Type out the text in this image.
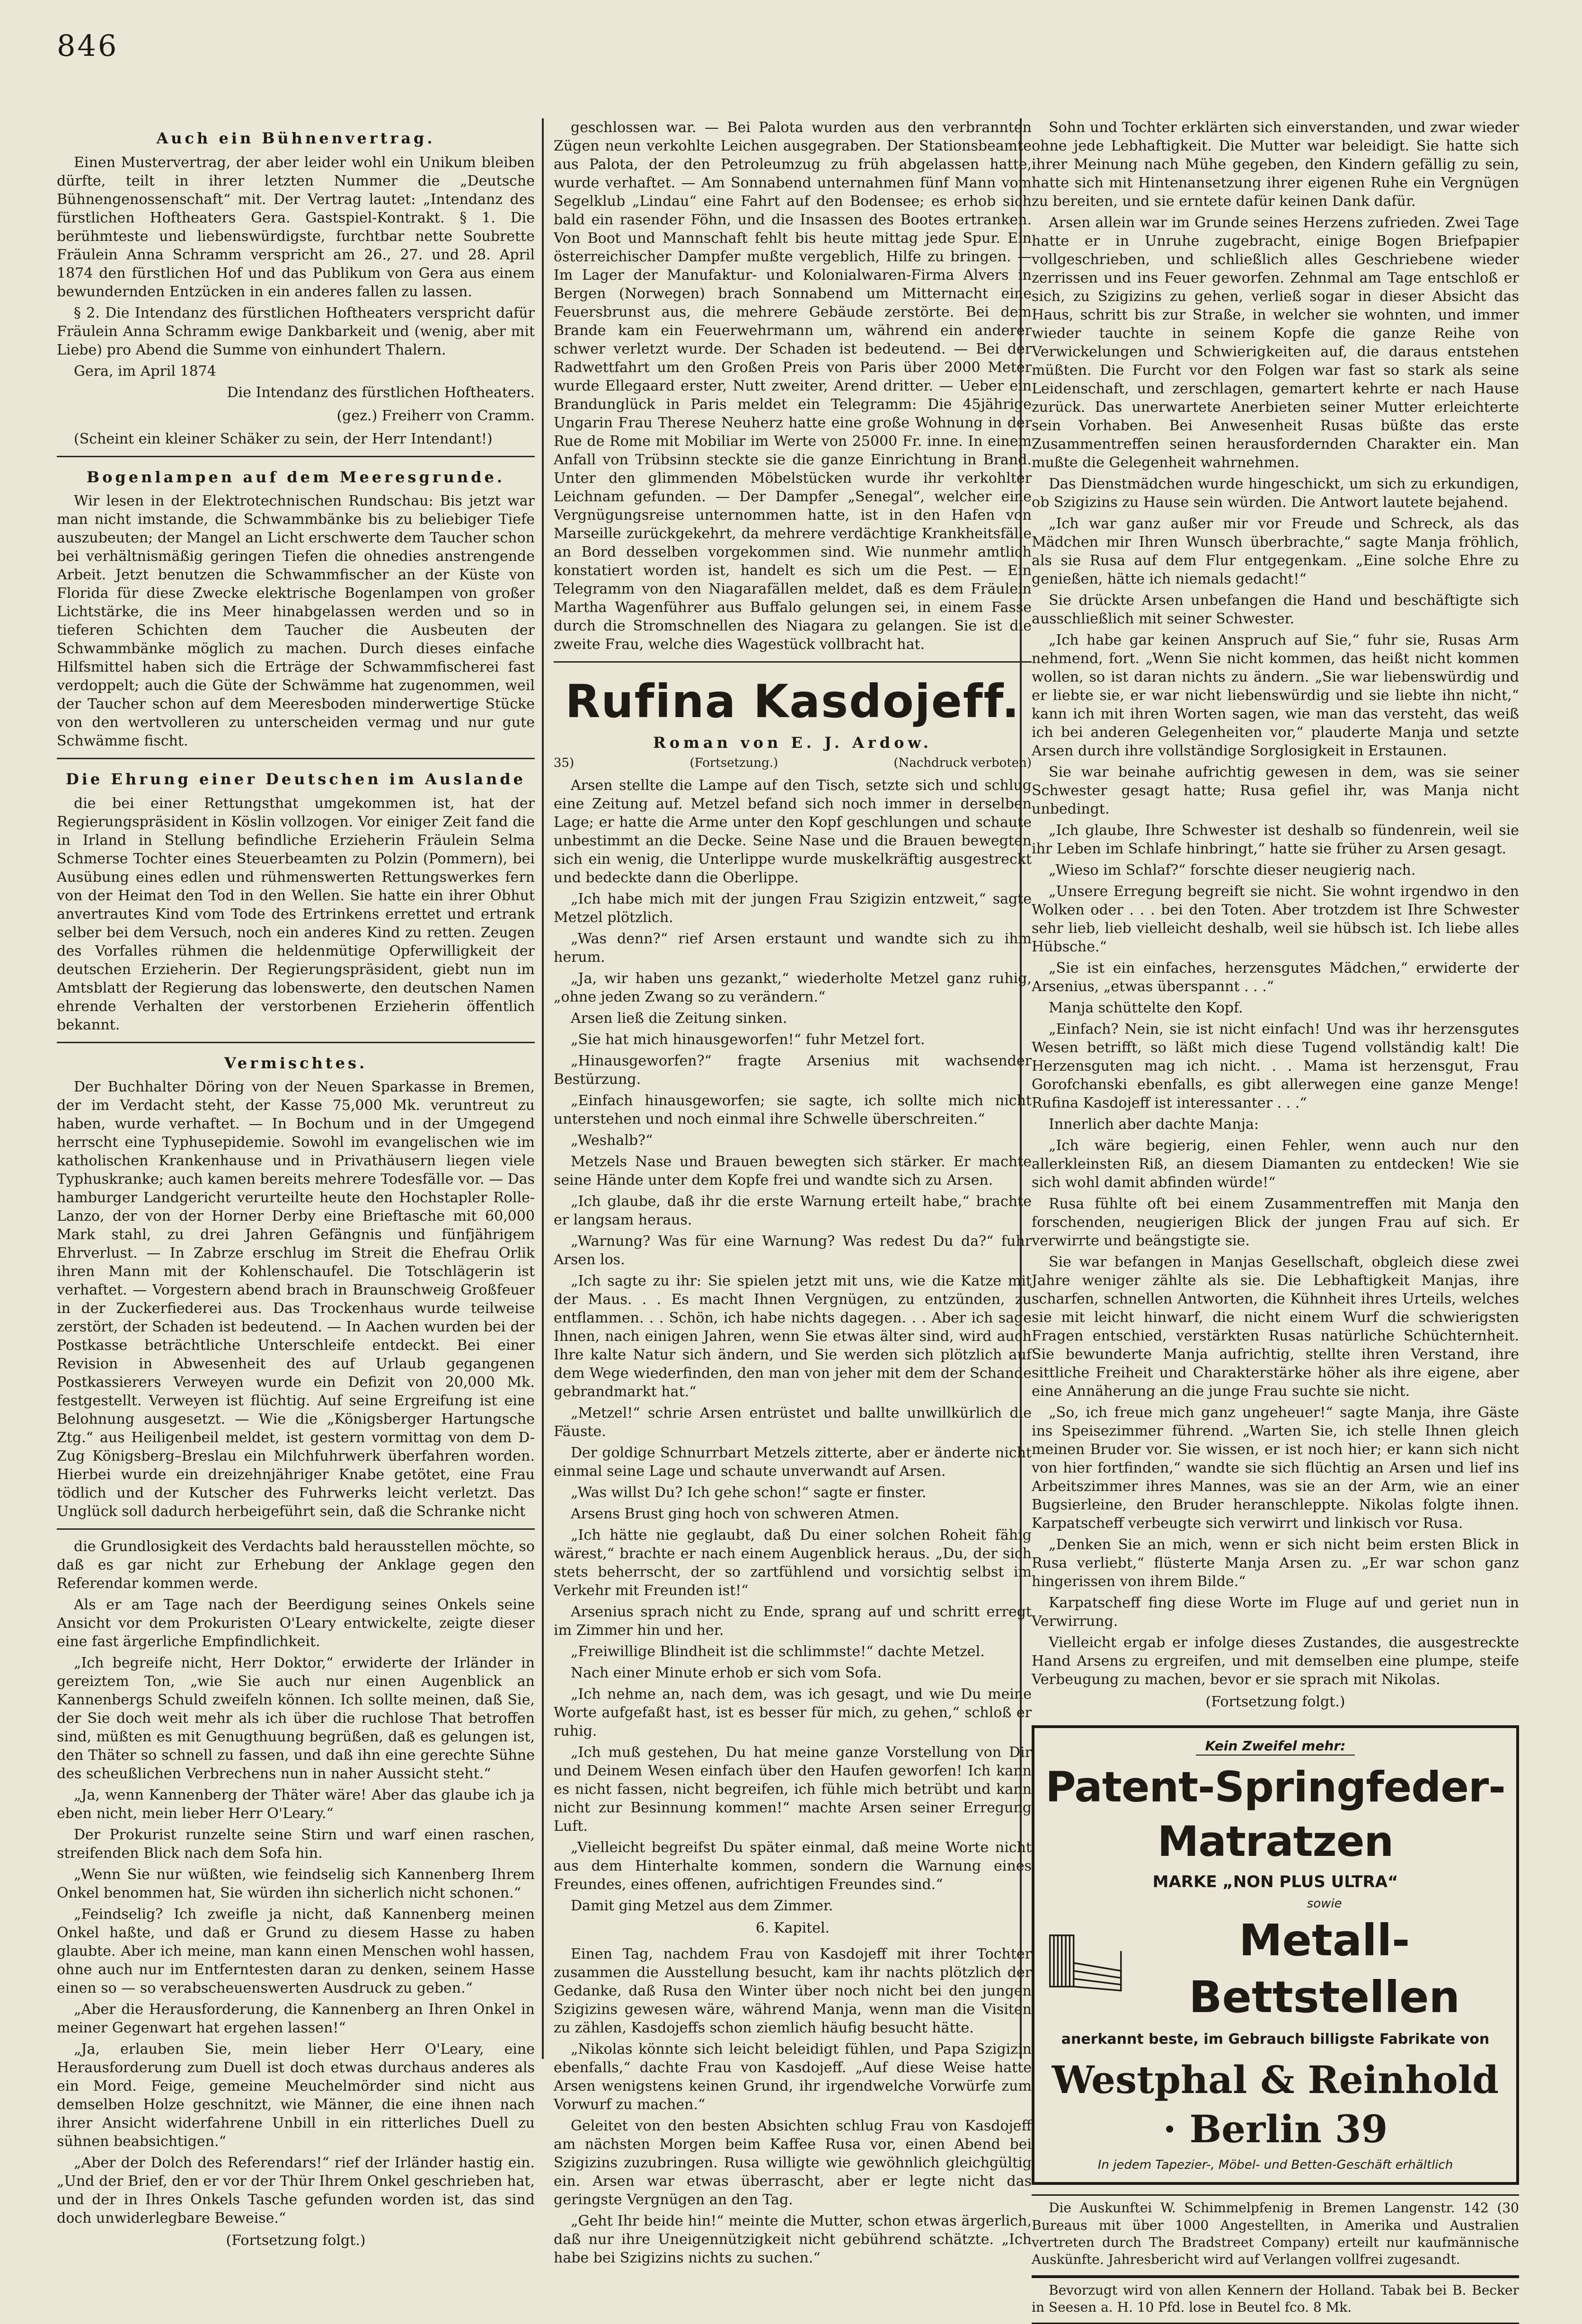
846
Auch ein Bühnenvertrag.

Einen Mustervertrag, der aber leider wohl ein Unikum bleiben dürfte, teilt in ihrer letzten Nummer die „Deutsche Bühnengenossenschaft“ mit. Der Vertrag lautet: „Intendanz des fürstlichen Hoftheaters Gera. Gastspiel-Kontrakt. § 1. Die berühmteste und liebenswürdigste, furchtbar nette Soubrette Fräulein Anna Schramm verspricht am 26., 27. und 28. April 1874 den fürstlichen Hof und das Publikum von Gera aus einem bewundernden Entzücken in ein anderes fallen zu lassen.

§ 2. Die Intendanz des fürstlichen Hoftheaters verspricht dafür Fräulein Anna Schramm ewige Dankbarkeit und (wenig, aber mit Liebe) pro Abend die Summe von einhundert Thalern.

Gera, im April 1874

Die Intendanz des fürstlichen Hoftheaters.
(gez.) Freiherr von Cramm.

(Scheint ein kleiner Schäker zu sein, der Herr Intendant!)

Bogenlampen auf dem Meeresgrunde.

Wir lesen in der Elektrotechnischen Rundschau: Bis jetzt war man nicht imstande, die Schwammbänke bis zu beliebiger Tiefe auszubeuten; der Mangel an Licht erschwerte dem Taucher schon bei verhältnismäßig geringen Tiefen die ohnedies anstrengende Arbeit. Jetzt benutzen die Schwammfischer an der Küste von Florida für diese Zwecke elektrische Bogenlampen von großer Lichtstärke, die ins Meer hinabgelassen werden und so in tieferen Schichten dem Taucher die Ausbeuten der Schwammbänke möglich zu machen. Durch dieses einfache Hilfsmittel haben sich die Erträge der Schwammfischerei fast verdoppelt; auch die Güte der Schwämme hat zugenommen, weil der Taucher schon auf dem Meeresboden minderwertige Stücke von den wertvolleren zu unterscheiden vermag und nur gute Schwämme fischt.

Die Ehrung einer Deutschen im Auslande

die bei einer Rettungsthat umgekommen ist, hat der Regierungspräsident in Köslin vollzogen. Vor einiger Zeit fand die in Irland in Stellung befindliche Erzieherin Fräulein Selma Schmerse Tochter eines Steuerbeamten zu Polzin (Pommern), bei Ausübung eines edlen und rühmenswerten Rettungswerkes fern von der Heimat den Tod in den Wellen. Sie hatte ein ihrer Obhut anvertrautes Kind vom Tode des Ertrinkens errettet und ertrank selber bei dem Versuch, noch ein anderes Kind zu retten. Zeugen des Vorfalles rühmen die heldenmütige Opferwilligkeit der deutschen Erzieherin. Der Regierungspräsident, giebt nun im Amtsblatt der Regierung das lobenswerte, den deutschen Namen ehrende Verhalten der verstorbenen Erzieherin öffentlich bekannt.

Vermischtes.

Der Buchhalter Döring von der Neuen Sparkasse in Bremen, der im Verdacht steht, der Kasse 75,000 Mk. veruntreut zu haben, wurde verhaftet. — In Bochum und in der Umgegend herrscht eine Typhusepidemie. Sowohl im evangelischen wie im katholischen Krankenhause und in Privathäusern liegen viele Typhuskranke; auch kamen bereits mehrere Todesfälle vor. — Das hamburger Landgericht verurteilte heute den Hochstapler Rolle-Lanzo, der von der Horner Derby eine Brieftasche mit 60,000 Mark stahl, zu drei Jahren Gefängnis und fünfjährigem Ehrverlust. — In Zabrze erschlug im Streit die Ehefrau Orlik ihren Mann mit der Kohlenschaufel. Die Totschlägerin ist verhaftet. — Vorgestern abend brach in Braunschweig Großfeuer in der Zuckerfiederei aus. Das Trockenhaus wurde teilweise zerstört, der Schaden ist bedeutend. — In Aachen wurden bei der Postkasse beträchtliche Unterschleife entdeckt. Bei einer Revision in Abwesenheit des auf Urlaub gegangenen Postkassierers Verweyen wurde ein Defizit von 20,000 Mk. festgestellt. Verweyen ist flüchtig. Auf seine Ergreifung ist eine Belohnung ausgesetzt. — Wie die „Königsberger Hartungsche Ztg.“ aus Heiligenbeil meldet, ist gestern vormittag von dem D-Zug Königsberg–Breslau ein Milchfuhrwerk überfahren worden. Hierbei wurde ein dreizehnjähriger Knabe getötet, eine Frau tödlich und der Kutscher des Fuhrwerks leicht verletzt. Das Unglück soll dadurch herbeigeführt sein, daß die Schranke nicht

die Grundlosigkeit des Verdachts bald herausstellen möchte, so daß es gar nicht zur Erhebung der Anklage gegen den Referendar kommen werde.

Als er am Tage nach der Beerdigung seines Onkels seine Ansicht vor dem Prokuristen O'Leary entwickelte, zeigte dieser eine fast ärgerliche Empfindlichkeit.

„Ich begreife nicht, Herr Doktor,“ erwiderte der Irländer in gereiztem Ton, „wie Sie auch nur einen Augenblick an Kannenbergs Schuld zweifeln können. Ich sollte meinen, daß Sie, der Sie doch weit mehr als ich über die ruchlose That betroffen sind, müßten es mit Genugthuung begrüßen, daß es gelungen ist, den Thäter so schnell zu fassen, und daß ihn eine gerechte Sühne des scheußlichen Verbrechens nun in naher Aussicht steht.“

„Ja, wenn Kannenberg der Thäter wäre! Aber das glaube ich ja eben nicht, mein lieber Herr O'Leary.“

Der Prokurist runzelte seine Stirn und warf einen raschen, streifenden Blick nach dem Sofa hin.

„Wenn Sie nur wüßten, wie feindselig sich Kannenberg Ihrem Onkel benommen hat, Sie würden ihn sicherlich nicht schonen.“

„Feindselig? Ich zweifle ja nicht, daß Kannenberg meinen Onkel haßte, und daß er Grund zu diesem Hasse zu haben glaubte. Aber ich meine, man kann einen Menschen wohl hassen, ohne auch nur im Entferntesten daran zu denken, seinem Hasse einen so — so verabscheuenswerten Ausdruck zu geben.“

„Aber die Herausforderung, die Kannenberg an Ihren Onkel in meiner Gegenwart hat ergehen lassen!“

„Ja, erlauben Sie, mein lieber Herr O'Leary, eine Herausforderung zum Duell ist doch etwas durchaus anderes als ein Mord. Feige, gemeine Meuchelmörder sind nicht aus demselben Holze geschnitzt, wie Männer, die eine ihnen nach ihrer Ansicht widerfahrene Unbill in ein ritterliches Duell zu sühnen beabsichtigen.“

„Aber der Dolch des Referendars!“ rief der Irländer hastig ein. „Und der Brief, den er vor der Thür Ihrem Onkel geschrieben hat, und der in Ihres Onkels Tasche gefunden worden ist, das sind doch unwiderlegbare Beweise.“

(Fortsetzung folgt.)

geschlossen war. — Bei Palota wurden aus den verbrannten Zügen neun verkohlte Leichen ausgegraben. Der Stationsbeamte aus Palota, der den Petroleumzug zu früh abgelassen hatte, wurde verhaftet. — Am Sonnabend unternahmen fünf Mann vom Segelklub „Lindau“ eine Fahrt auf den Bodensee; es erhob sich bald ein rasender Föhn, und die Insassen des Bootes ertranken. Von Boot und Mannschaft fehlt bis heute mittag jede Spur. Ein österreichischer Dampfer mußte vergeblich, Hilfe zu bringen. — Im Lager der Manufaktur- und Kolonialwaren-Firma Alvers in Bergen (Norwegen) brach Sonnabend um Mitternacht eine Feuersbrunst aus, die mehrere Gebäude zerstörte. Bei dem Brande kam ein Feuerwehrmann um, während ein anderer schwer verletzt wurde. Der Schaden ist bedeutend. — Bei der Radwettfahrt um den Großen Preis von Paris über 2000 Meter wurde Ellegaard erster, Nutt zweiter, Arend dritter. — Ueber ein Brandunglück in Paris meldet ein Telegramm: Die 45jährige Ungarin Frau Therese Neuherz hatte eine große Wohnung in der Rue de Rome mit Mobiliar im Werte von 25000 Fr. inne. In einem Anfall von Trübsinn steckte sie die ganze Einrichtung in Brand. Unter den glimmenden Möbelstücken wurde ihr verkohlter Leichnam gefunden. — Der Dampfer „Senegal“, welcher eine Vergnügungsreise unternommen hatte, ist in den Hafen von Marseille zurückgekehrt, da mehrere verdächtige Krankheitsfälle an Bord desselben vorgekommen sind. Wie nunmehr amtlich konstatiert worden ist, handelt es sich um die Pest. — Ein Telegramm von den Niagarafällen meldet, daß es dem Fräulein Martha Wagenführer aus Buffalo gelungen sei, in einem Fasse durch die Stromschnellen des Niagara zu gelangen. Sie ist die zweite Frau, welche dies Wagestück vollbracht hat.

Rufina Kasdojeff.
Roman von E. J. Ardow.
35)	(Fortsetzung.)	(Nachdruck verboten)

Arsen stellte die Lampe auf den Tisch, setzte sich und schlug eine Zeitung auf. Metzel befand sich noch immer in derselben Lage; er hatte die Arme unter den Kopf geschlungen und schaute unbestimmt an die Decke. Seine Nase und die Brauen bewegten sich ein wenig, die Unterlippe wurde muskelkräftig ausgestreckt und bedeckte dann die Oberlippe.

„Ich habe mich mit der jungen Frau Szigizin entzweit,“ sagte Metzel plötzlich.

„Was denn?“ rief Arsen erstaunt und wandte sich zu ihm herum.

„Ja, wir haben uns gezankt,“ wiederholte Metzel ganz ruhig, „ohne jeden Zwang so zu verändern.“

Arsen ließ die Zeitung sinken.

„Sie hat mich hinausgeworfen!“ fuhr Metzel fort.

„Hinausgeworfen?“ fragte Arsenius mit wachsender Bestürzung.

„Einfach hinausgeworfen; sie sagte, ich sollte mich nicht unterstehen und noch einmal ihre Schwelle überschreiten.“

„Weshalb?“

Metzels Nase und Brauen bewegten sich stärker. Er machte seine Hände unter dem Kopfe frei und wandte sich zu Arsen.

„Ich glaube, daß ihr die erste Warnung erteilt habe,“ brachte er langsam heraus.

„Warnung? Was für eine Warnung? Was redest Du da?“ fuhr Arsen los.

„Ich sagte zu ihr: Sie spielen jetzt mit uns, wie die Katze mit der Maus. . . Es macht Ihnen Vergnügen, zu entzünden, zu entflammen. . . Schön, ich habe nichts dagegen. . . Aber ich sage Ihnen, nach einigen Jahren, wenn Sie etwas älter sind, wird auch Ihre kalte Natur sich ändern, und Sie werden sich plötzlich auf dem Wege wiederfinden, den man von jeher mit dem der Schande gebrandmarkt hat.“

„Metzel!“ schrie Arsen entrüstet und ballte unwillkürlich die Fäuste.

Der goldige Schnurrbart Metzels zitterte, aber er änderte nicht einmal seine Lage und schaute unverwandt auf Arsen.

„Was willst Du? Ich gehe schon!“ sagte er finster.

Arsens Brust ging hoch von schweren Atmen.

„Ich hätte nie geglaubt, daß Du einer solchen Roheit fähig wärest,“ brachte er nach einem Augenblick heraus. „Du, der sich stets beherrscht, der so zartfühlend und vorsichtig selbst im Verkehr mit Freunden ist!“

Arsenius sprach nicht zu Ende, sprang auf und schritt erregt im Zimmer hin und her.

„Freiwillige Blindheit ist die schlimmste!“ dachte Metzel.

Nach einer Minute erhob er sich vom Sofa.

„Ich nehme an, nach dem, was ich gesagt, und wie Du meine Worte aufgefaßt hast, ist es besser für mich, zu gehen,“ schloß er ruhig.

„Ich muß gestehen, Du hat meine ganze Vorstellung von Dir und Deinem Wesen einfach über den Haufen geworfen! Ich kann es nicht fassen, nicht begreifen, ich fühle mich betrübt und kann nicht zur Besinnung kommen!“ machte Arsen seiner Erregung Luft.

„Vielleicht begreifst Du später einmal, daß meine Worte nicht aus dem Hinterhalte kommen, sondern die Warnung eines Freundes, eines offenen, aufrichtigen Freundes sind.“

Damit ging Metzel aus dem Zimmer.

6. Kapitel.

Einen Tag, nachdem Frau von Kasdojeff mit ihrer Tochter zusammen die Ausstellung besucht, kam ihr nachts plötzlich der Gedanke, daß Rusa den Winter über noch nicht bei den jungen Szigizins gewesen wäre, während Manja, wenn man die Visiten zu zählen, Kasdojeffs schon ziemlich häufig besucht hätte.

„Nikolas könnte sich leicht beleidigt fühlen, und Papa Szigizin ebenfalls,“ dachte Frau von Kasdojeff. „Auf diese Weise hatte Arsen wenigstens keinen Grund, ihr irgendwelche Vorwürfe zum Vorwurf zu machen.“

Geleitet von den besten Absichten schlug Frau von Kasdojeff am nächsten Morgen beim Kaffee Rusa vor, einen Abend bei Szigizins zuzubringen. Rusa willigte wie gewöhnlich gleichgültig ein. Arsen war etwas überrascht, aber er legte nicht das geringste Vergnügen an den Tag.

„Geht Ihr beide hin!“ meinte die Mutter, schon etwas ärgerlich, daß nur ihre Uneigennützigkeit nicht gebührend schätzte. „Ich habe bei Szigizins nichts zu suchen.“

Sohn und Tochter erklärten sich einverstanden, und zwar wieder ohne jede Lebhaftigkeit. Die Mutter war beleidigt. Sie hatte sich ihrer Meinung nach Mühe gegeben, den Kindern gefällig zu sein, hatte sich mit Hintenansetzung ihrer eigenen Ruhe ein Vergnügen zu bereiten, und sie erntete dafür keinen Dank dafür.

Arsen allein war im Grunde seines Herzens zufrieden. Zwei Tage hatte er in Unruhe zugebracht, einige Bogen Briefpapier vollgeschrieben, und schließlich alles Geschriebene wieder zerrissen und ins Feuer geworfen. Zehnmal am Tage entschloß er sich, zu Szigizins zu gehen, verließ sogar in dieser Absicht das Haus, schritt bis zur Straße, in welcher sie wohnten, und immer wieder tauchte in seinem Kopfe die ganze Reihe von Verwickelungen und Schwierigkeiten auf, die daraus entstehen müßten. Die Furcht vor den Folgen war fast so stark als seine Leidenschaft, und zerschlagen, gemartert kehrte er nach Hause zurück. Das unerwartete Anerbieten seiner Mutter erleichterte sein Vorhaben. Bei Anwesenheit Rusas büßte das erste Zusammentreffen seinen herausfordernden Charakter ein. Man mußte die Gelegenheit wahrnehmen.

Das Dienstmädchen wurde hingeschickt, um sich zu erkundigen, ob Szigizins zu Hause sein würden. Die Antwort lautete bejahend.

„Ich war ganz außer mir vor Freude und Schreck, als das Mädchen mir Ihren Wunsch überbrachte,“ sagte Manja fröhlich, als sie Rusa auf dem Flur entgegenkam. „Eine solche Ehre zu genießen, hätte ich niemals gedacht!“

Sie drückte Arsen unbefangen die Hand und beschäftigte sich ausschließlich mit seiner Schwester.

„Ich habe gar keinen Anspruch auf Sie,“ fuhr sie, Rusas Arm nehmend, fort. „Wenn Sie nicht kommen, das heißt nicht kommen wollen, so ist daran nichts zu ändern. „Sie war liebenswürdig und er liebte sie, er war nicht liebenswürdig und sie liebte ihn nicht,“ kann ich mit ihren Worten sagen, wie man das versteht, das weiß ich bei anderen Gelegenheiten vor,“ plauderte Manja und setzte Arsen durch ihre vollständige Sorglosigkeit in Erstaunen.

Sie war beinahe aufrichtig gewesen in dem, was sie seiner Schwester gesagt hatte; Rusa gefiel ihr, was Manja nicht unbedingt.

„Ich glaube, Ihre Schwester ist deshalb so fündenrein, weil sie ihr Leben im Schlafe hinbringt,“ hatte sie früher zu Arsen gesagt.

„Wieso im Schlaf?“ forschte dieser neugierig nach.

„Unsere Erregung begreift sie nicht. Sie wohnt irgendwo in den Wolken oder . . . bei den Toten. Aber trotzdem ist Ihre Schwester sehr lieb, lieb vielleicht deshalb, weil sie hübsch ist. Ich liebe alles Hübsche.“

„Sie ist ein einfaches, herzensgutes Mädchen,“ erwiderte der Arsenius, „etwas überspannt . . .“

Manja schüttelte den Kopf.

„Einfach? Nein, sie ist nicht einfach! Und was ihr herzensgutes Wesen betrifft, so läßt mich diese Tugend vollständig kalt! Die Herzensguten mag ich nicht. . . Mama ist herzensgut, Frau Gorofchanski ebenfalls, es gibt allerwegen eine ganze Menge! Rufina Kasdojeff ist interessanter . . .“

Innerlich aber dachte Manja:

„Ich wäre begierig, einen Fehler, wenn auch nur den allerkleinsten Riß, an diesem Diamanten zu entdecken! Wie sie sich wohl damit abfinden würde!“

Rusa fühlte oft bei einem Zusammentreffen mit Manja den forschenden, neugierigen Blick der jungen Frau auf sich. Er verwirrte und beängstigte sie.

Sie war befangen in Manjas Gesellschaft, obgleich diese zwei Jahre weniger zählte als sie. Die Lebhaftigkeit Manjas, ihre scharfen, schnellen Antworten, die Kühnheit ihres Urteils, welches sie mit leicht hinwarf, die nicht einem Wurf die schwierigsten Fragen entschied, verstärkten Rusas natürliche Schüchternheit. Sie bewunderte Manja aufrichtig, stellte ihren Verstand, ihre sittliche Freiheit und Charakterstärke höher als ihre eigene, aber eine Annäherung an die junge Frau suchte sie nicht.

„So, ich freue mich ganz ungeheuer!“ sagte Manja, ihre Gäste ins Speisezimmer führend. „Warten Sie, ich stelle Ihnen gleich meinen Bruder vor. Sie wissen, er ist noch hier; er kann sich nicht von hier fortfinden,“ wandte sie sich flüchtig an Arsen und lief ins Arbeitszimmer ihres Mannes, was sie an der Arm, wie an einer Bugsierleine, den Bruder heranschleppte. Nikolas folgte ihnen. Karpatscheff verbeugte sich verwirrt und linkisch vor Rusa.

„Denken Sie an mich, wenn er sich nicht beim ersten Blick in Rusa verliebt,“ flüsterte Manja Arsen zu. „Er war schon ganz hingerissen von ihrem Bilde.“

Karpatscheff fing diese Worte im Fluge auf und geriet nun in Verwirrung.

Vielleicht ergab er infolge dieses Zustandes, die ausgestreckte Hand Arsens zu ergreifen, und mit demselben eine plumpe, steife Verbeugung zu machen, bevor er sie sprach mit Nikolas.

(Fortsetzung folgt.)
Kein Zweifel mehr:
Patent-Springfeder-Matratzen
MARKE „NON PLUS ULTRA“
sowie
Metall-Bettstellen
anerkannt beste, im Gebrauch billigste Fabrikate von
Westphal & Reinhold · Berlin 39
In jedem Tapezier-, Möbel- und Betten-Geschäft erhältlich

Die Auskunftei W. Schimmelpfenig in Bremen Langenstr. 142 (30 Bureaus mit über 1000 Angestellten, in Amerika und Australien vertreten durch The Bradstreet Company) erteilt nur kaufmännische Auskünfte. Jahresbericht wird auf Verlangen vollfrei zugesandt.

Bevorzugt wird von allen Kennern der Holland. Tabak bei B. Becker in Seesen a. H. 10 Pfd. lose in Beutel fco. 8 Mk.
